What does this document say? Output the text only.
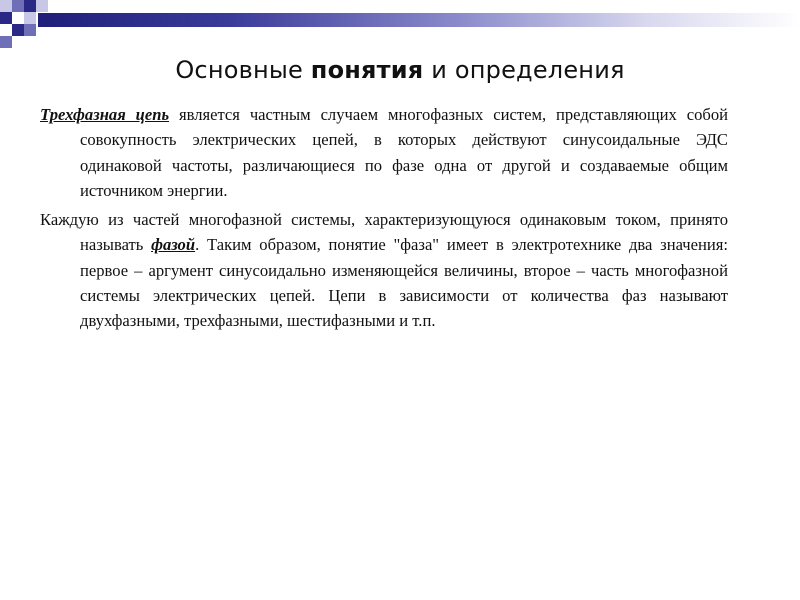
Основные понятия и определения

Трехфазная цепь является частным случаем многофазных систем, представляющих собой совокупность электрических цепей, в которых действуют синусоидальные ЭДС одинаковой частоты, различающиеся по фазе одна от другой и создаваемые общим источником энергии.

Каждую из частей многофазной системы, характеризующуюся одинаковым током, принято называть фазой. Таким образом, понятие "фаза" имеет в электротехнике два значения: первое – аргумент синусоидально изменяющейся величины, второе – часть многофазной системы электрических цепей. Цепи в зависимости от количества фаз называют двухфазными, трехфазными, шестифазными и т.п.
